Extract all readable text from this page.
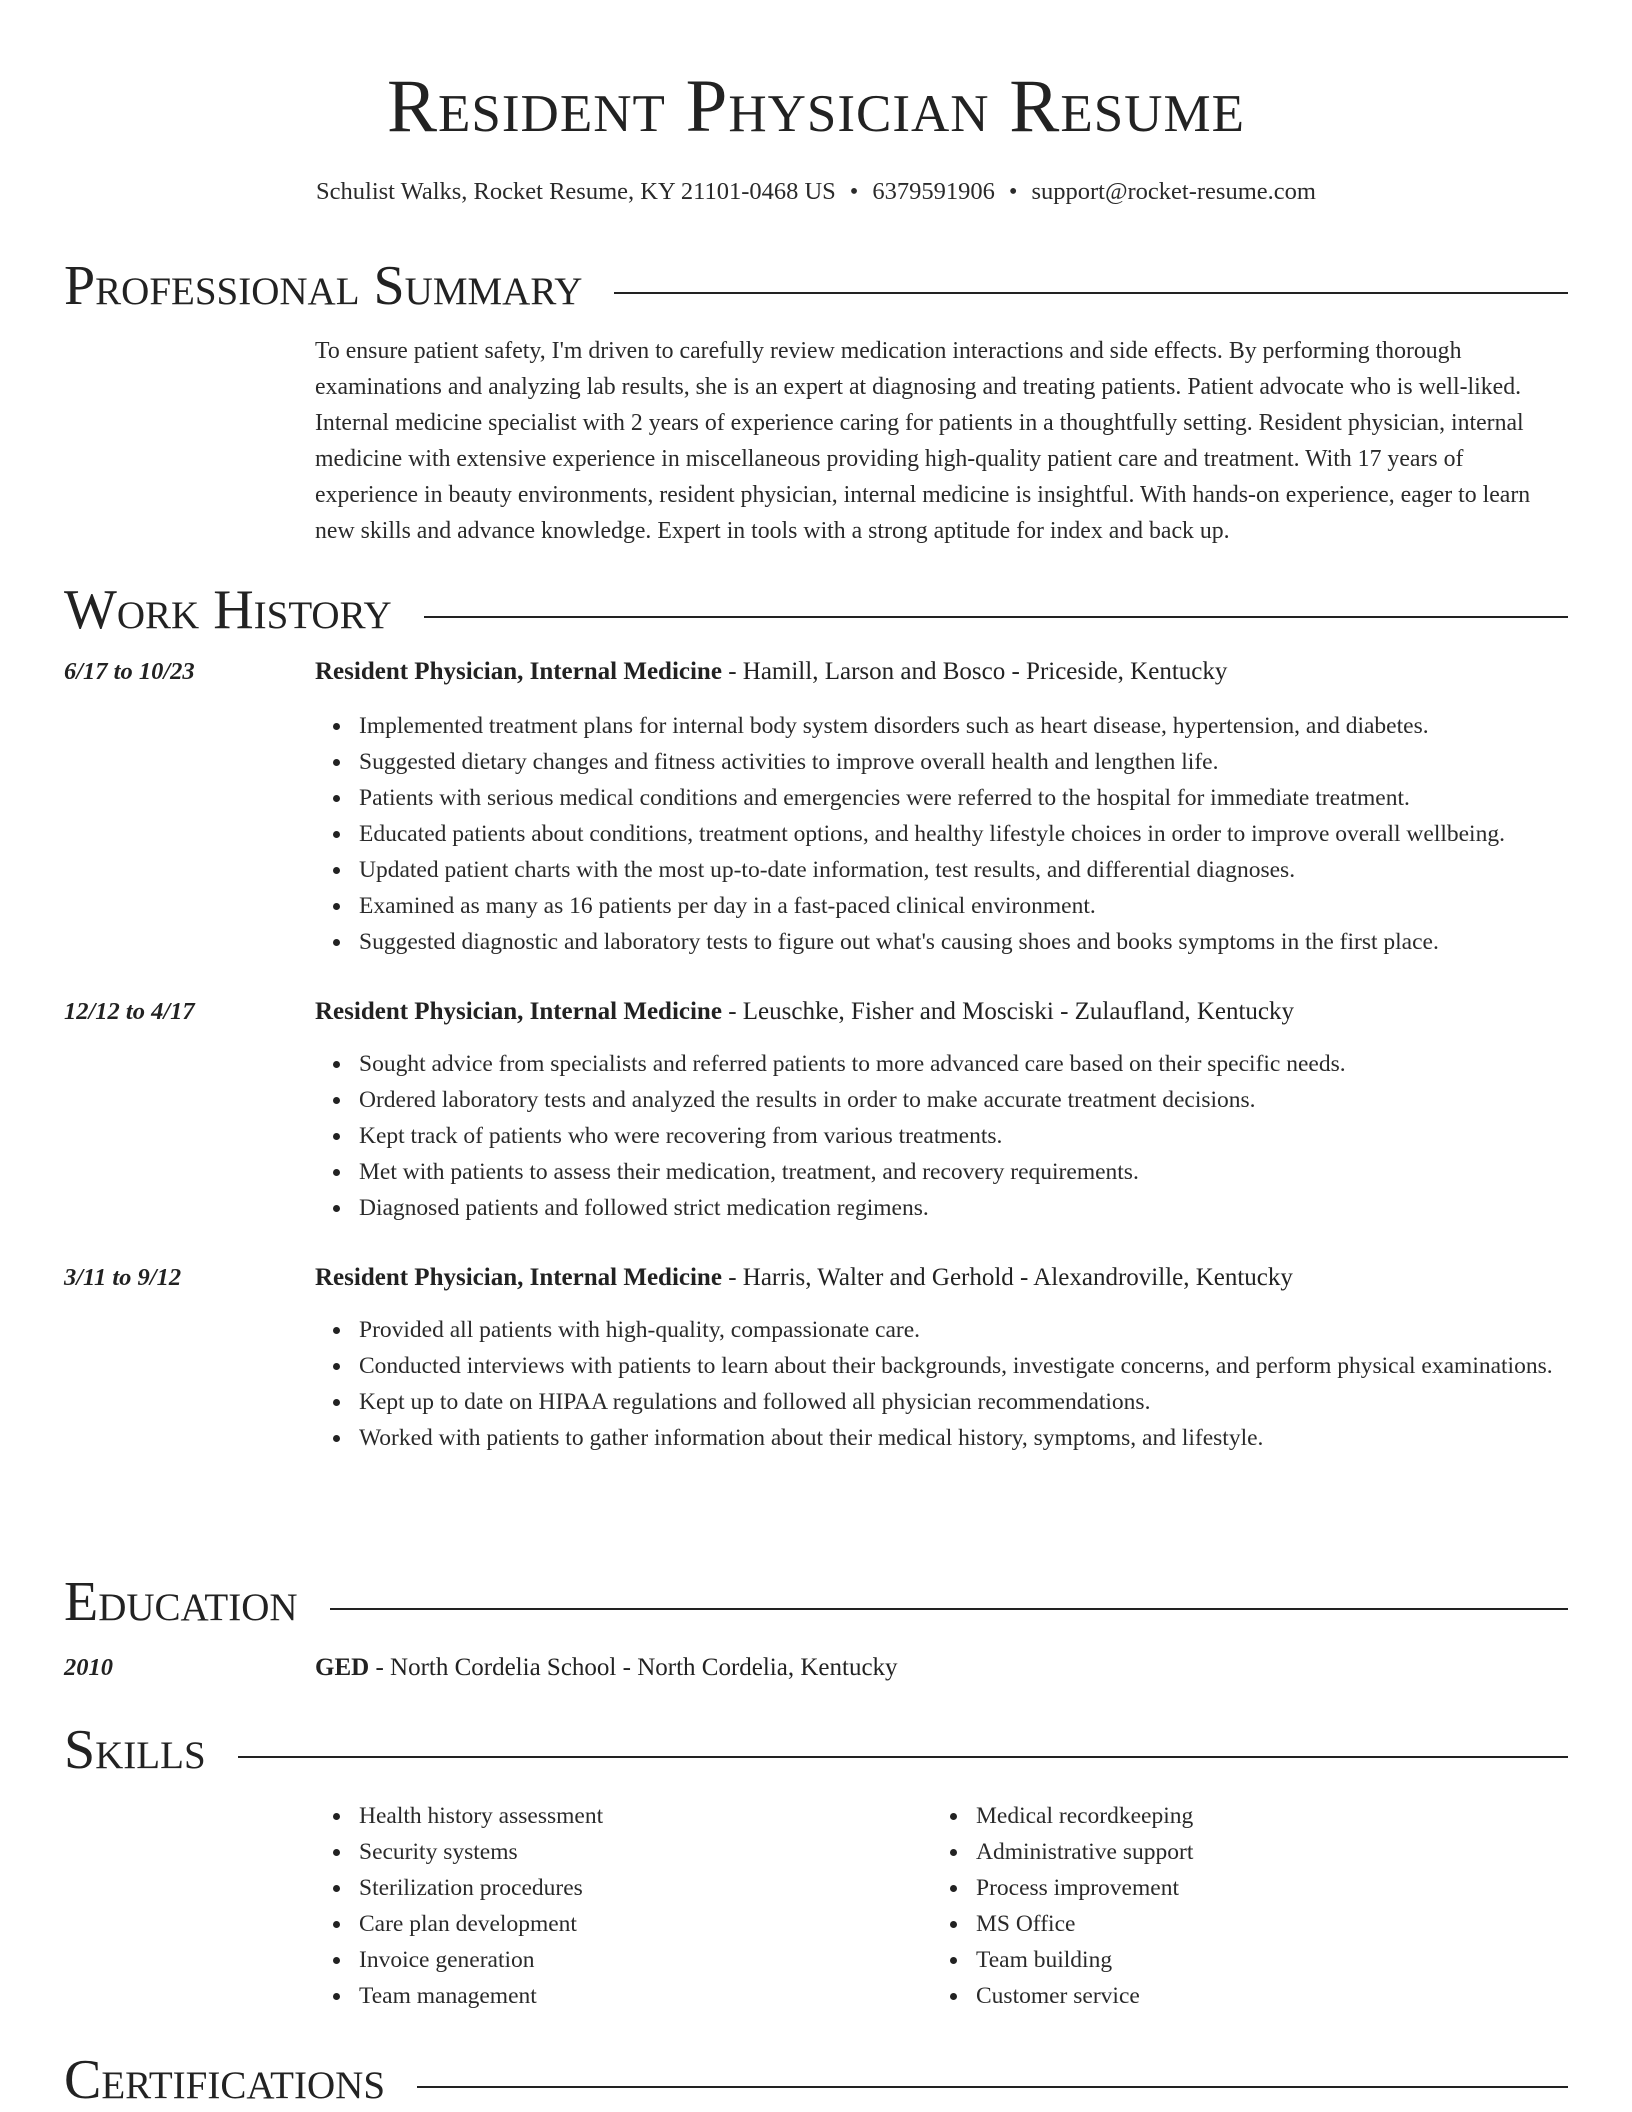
Resident Physician Resume
Schulist Walks, Rocket Resume, KY 21101-0468 US • 6379591906 • support@rocket-resume.com
Professional Summary

To ensure patient safety, I'm driven to carefully review medication interactions and side effects. By performing thorough examinations and analyzing lab results, she is an expert at diagnosing and treating patients. Patient advocate who is well-liked. Internal medicine specialist with 2 years of experience caring for patients in a thoughtfully setting. Resident physician, internal medicine with extensive experience in miscellaneous providing high-quality patient care and treatment. With 17 years of experience in beauty environments, resident physician, internal medicine is insightful. With hands-on experience, eager to learn new skills and advance knowledge. Expert in tools with a strong aptitude for index and back up.

Work History
6/17 to 10/23	Resident Physician, Internal Medicine - Hamill, Larson and Bosco - Priceside, Kentucky
Implemented treatment plans for internal body system disorders such as heart disease, hypertension, and diabetes.
Suggested dietary changes and fitness activities to improve overall health and lengthen life.
Patients with serious medical conditions and emergencies were referred to the hospital for immediate treatment.
Educated patients about conditions, treatment options, and healthy lifestyle choices in order to improve overall wellbeing.
Updated patient charts with the most up-to-date information, test results, and differential diagnoses.
Examined as many as 16 patients per day in a fast-paced clinical environment.
Suggested diagnostic and laboratory tests to figure out what's causing shoes and books symptoms in the first place.
12/12 to 4/17	Resident Physician, Internal Medicine - Leuschke, Fisher and Mosciski - Zulaufland, Kentucky
Sought advice from specialists and referred patients to more advanced care based on their specific needs.
Ordered laboratory tests and analyzed the results in order to make accurate treatment decisions.
Kept track of patients who were recovering from various treatments.
Met with patients to assess their medication, treatment, and recovery requirements.
Diagnosed patients and followed strict medication regimens.
3/11 to 9/12	Resident Physician, Internal Medicine - Harris, Walter and Gerhold - Alexandroville, Kentucky
Provided all patients with high-quality, compassionate care.
Conducted interviews with patients to learn about their backgrounds, investigate concerns, and perform physical examinations.
Kept up to date on HIPAA regulations and followed all physician recommendations.
Worked with patients to gather information about their medical history, symptoms, and lifestyle.
Education
2010	GED - North Cordelia School - North Cordelia, Kentucky
Skills
Health history assessment
Security systems
Sterilization procedures
Care plan development
Invoice generation
Team management
Medical recordkeeping
Administrative support
Process improvement
MS Office
Team building
Customer service
Certifications
